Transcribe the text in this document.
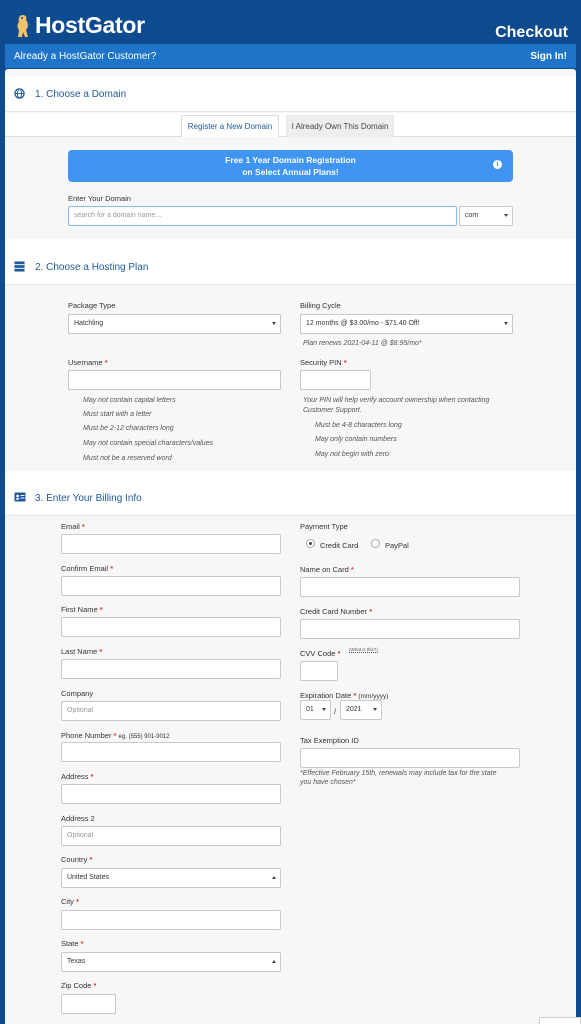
HostGator	Checkout
Already a HostGator Customer?	Sign In!
1. Choose a Domain
Register a New Domain	I Already Own This Domain
Free 1 Year Domain Registration
on Select Annual Plans!
i
Enter Your Domain
search for a domain name...	com
2. Choose a Hosting Plan
Package Type
Hatchling
Billing Cycle
12 months @ $3.00/mo - $71.40 Off!
Plan renews 2021-04-11 @ $8.95/mo*
Username *
May not contain capital letters
Must start with a letter
Must be 2-12 characters long
May not contain special characters/values
Must not be a reserved word
Security PIN *
Your PIN will help verify account ownership when contacting
Customer Support.
Must be 4-8 characters long
May only contain numbers
May not begin with zero
3. Enter Your Billing Info
Email *
Confirm Email *
First Name *
Last Name *
Company
Optional
Phone Number * eg. (555) 901-9012
Address *
Address 2
Optional
Country *
United States
City *
State *
Texas
Zip Code *
Payment Type
Credit Card	PayPal
Name on Card *
Credit Card Number *
CVV Code * (What is this?)
Expiration Date * (mm/yyyy)
01	/	2021
Tax Exemption ID
*Effective February 15th, renewals may include tax for the state
you have chosen*
